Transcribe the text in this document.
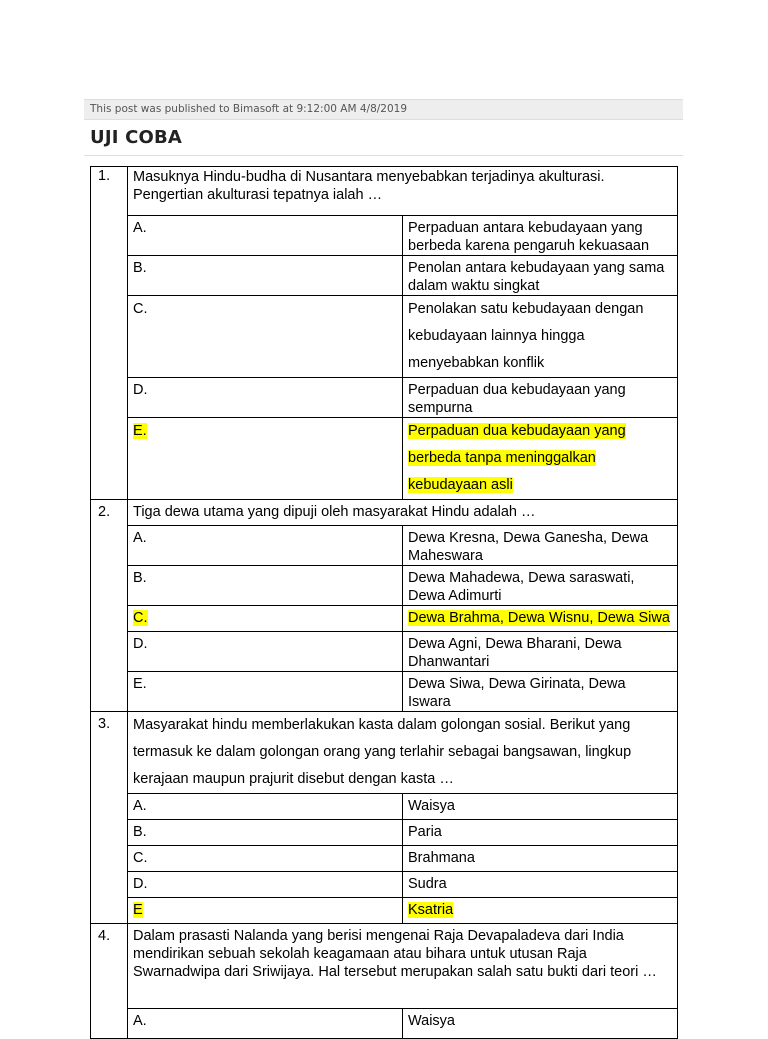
This post was published to Bimasoft at 9:12:00 AM 4/8/2019
UJI COBA
1.	Masuknya Hindu-budha di Nusantara menyebabkan terjadinya akulturasi. Pengertian akulturasi tepatnya ialah …	
	A.	Perpaduan antara kebudayaan yang berbeda karena pengaruh kekuasaan
	B.	Penolan antara kebudayaan yang sama dalam waktu singkat
	C.	Penolakan satu kebudayaan dengan kebudayaan lainnya hingga menyebabkan konflik
	D.	Perpaduan dua kebudayaan yang sempurna
	E.	Perpaduan dua kebudayaan yang berbeda tanpa meninggalkan kebudayaan asli
2.	Tiga dewa utama yang dipuji oleh masyarakat Hindu adalah …	
	A.	Dewa Kresna, Dewa Ganesha, Dewa Maheswara
	B.	Dewa Mahadewa, Dewa saraswati, Dewa Adimurti
	C.	Dewa Brahma, Dewa Wisnu, Dewa Siwa
	D.	Dewa Agni, Dewa Bharani, Dewa Dhanwantari
	E.	Dewa Siwa, Dewa Girinata, Dewa Iswara
3.	Masyarakat hindu memberlakukan kasta dalam golongan sosial. Berikut yang termasuk ke dalam golongan orang yang terlahir sebagai bangsawan, lingkup kerajaan maupun prajurit disebut dengan kasta …	
	A.	Waisya
	B.	Paria
	C.	Brahmana
	D.	Sudra
	E	Ksatria
4.	Dalam prasasti Nalanda yang berisi mengenai Raja Devapaladeva dari India mendirikan sebuah sekolah keagamaan atau bihara untuk utusan Raja Swarnadwipa dari Sriwijaya. Hal tersebut merupakan salah satu bukti dari teori …	
	A.	Waisya
